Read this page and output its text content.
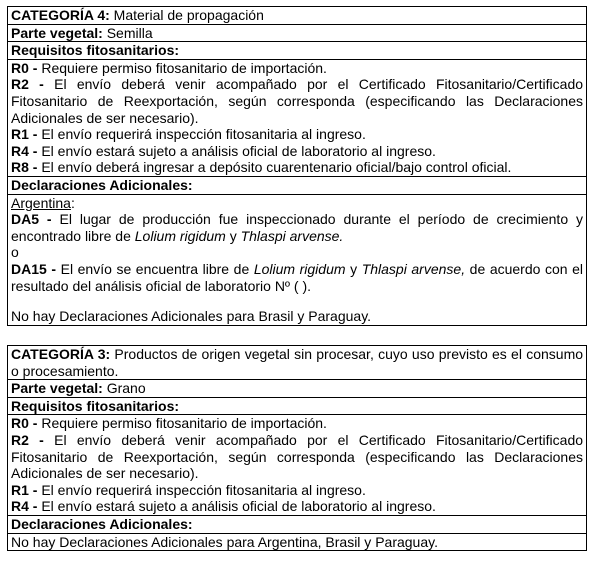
CATEGORÍA 4: Material de propagación
Parte vegetal: Semilla
Requisitos fitosanitarios:
R0 - Requiere permiso fitosanitario de importación.
R2 - El envío deberá venir acompañado por el Certificado Fitosanitario/Certificado Fitosanitario de Reexportación, según corresponda (especificando las Declaraciones Adicionales de ser necesario).
R1 - El envío requerirá inspección fitosanitaria al ingreso.
R4 - El envío estará sujeto a análisis oficial de laboratorio al ingreso.
R8 - El envío deberá ingresar a depósito cuarentenario oficial/bajo control oficial.
Declaraciones Adicionales:
Argentina:
DA5 - El lugar de producción fue inspeccionado durante el período de crecimiento y encontrado libre de Lolium rigidum y Thlaspi arvense.
o
DA15 - El envío se encuentra libre de Lolium rigidum y Thlaspi arvense, de acuerdo con el resultado del análisis oficial de laboratorio Nº ( ).
No hay Declaraciones Adicionales para Brasil y Paraguay.
CATEGORÍA 3: Productos de origen vegetal sin procesar, cuyo uso previsto es el consumo o procesamiento.
Parte vegetal: Grano
Requisitos fitosanitarios:
R0 - Requiere permiso fitosanitario de importación.
R2 - El envío deberá venir acompañado por el Certificado Fitosanitario/Certificado Fitosanitario de Reexportación, según corresponda (especificando las Declaraciones Adicionales de ser necesario).
R1 - El envío requerirá inspección fitosanitaria al ingreso.
R4 - El envío estará sujeto a análisis oficial de laboratorio al ingreso.
Declaraciones Adicionales:
No hay Declaraciones Adicionales para Argentina, Brasil y Paraguay.
